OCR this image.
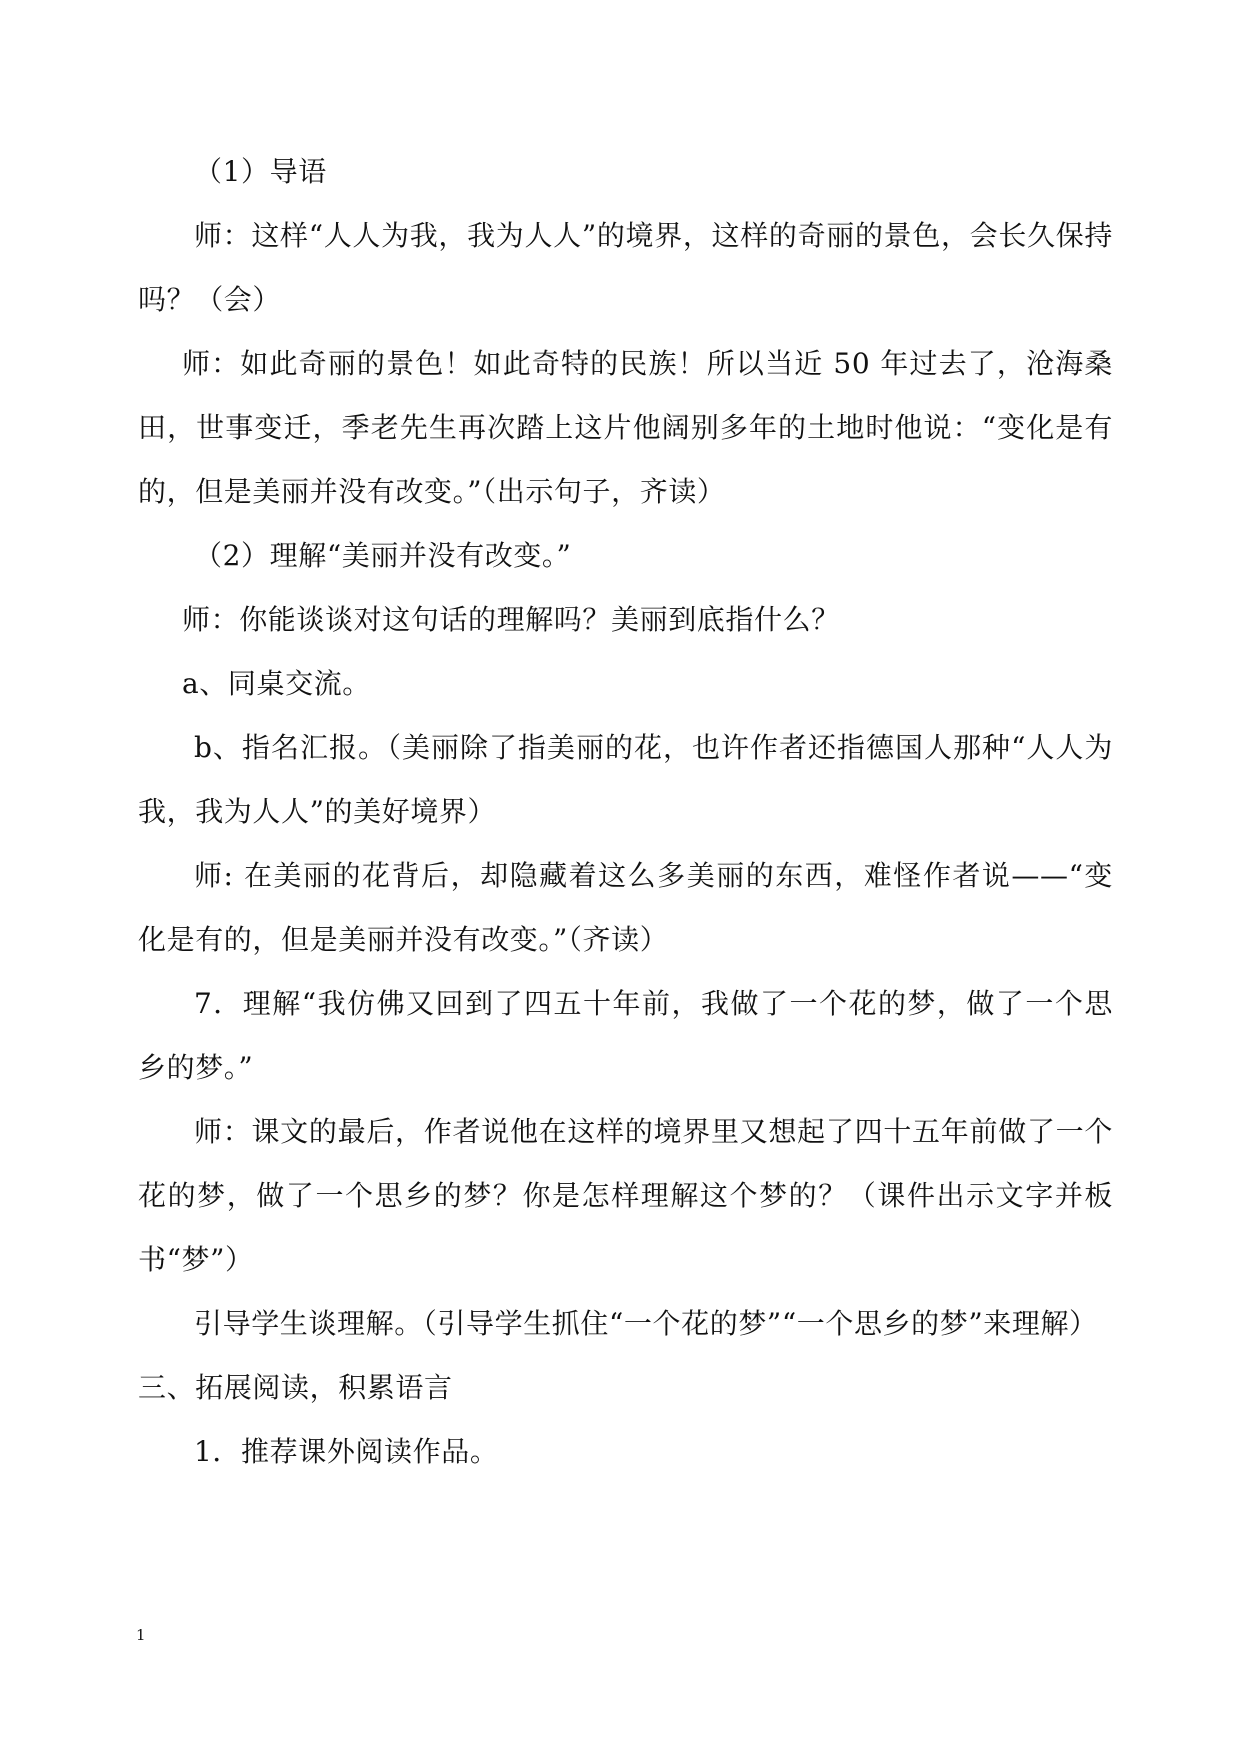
（1）导语

师：这样“人人为我，我为人人”的境界，这样的奇丽的景色，会长久保持吗？（会）

师：如此奇丽的景色！如此奇特的民族！所以当近 50 年过去了，沧海桑田，世事变迁，季老先生再次踏上这片他阔别多年的土地时他说：“变化是有的，但是美丽并没有改变。”（出示句子，齐读）

（2）理解“美丽并没有改变。”

师：你能谈谈对这句话的理解吗？美丽到底指什么？

a、同桌交流。

b、指名汇报。（美丽除了指美丽的花，也许作者还指德国人那种“人人为我，我为人人”的美好境界）

师: 在美丽的花背后，却隐藏着这么多美丽的东西，难怪作者说——“变化是有的，但是美丽并没有改变。”（齐读）

7．理解“我仿佛又回到了四五十年前，我做了一个花的梦，做了一个思乡的梦。”

师：课文的最后，作者说他在这样的境界里又想起了四十五年前做了一个花的梦，做了一个思乡的梦？你是怎样理解这个梦的？（课件出示文字并板书“梦”）

引导学生谈理解。（引导学生抓住“一个花的梦”“一个思乡的梦”来理解）

三、拓展阅读，积累语言

1．推荐课外阅读作品。

1
